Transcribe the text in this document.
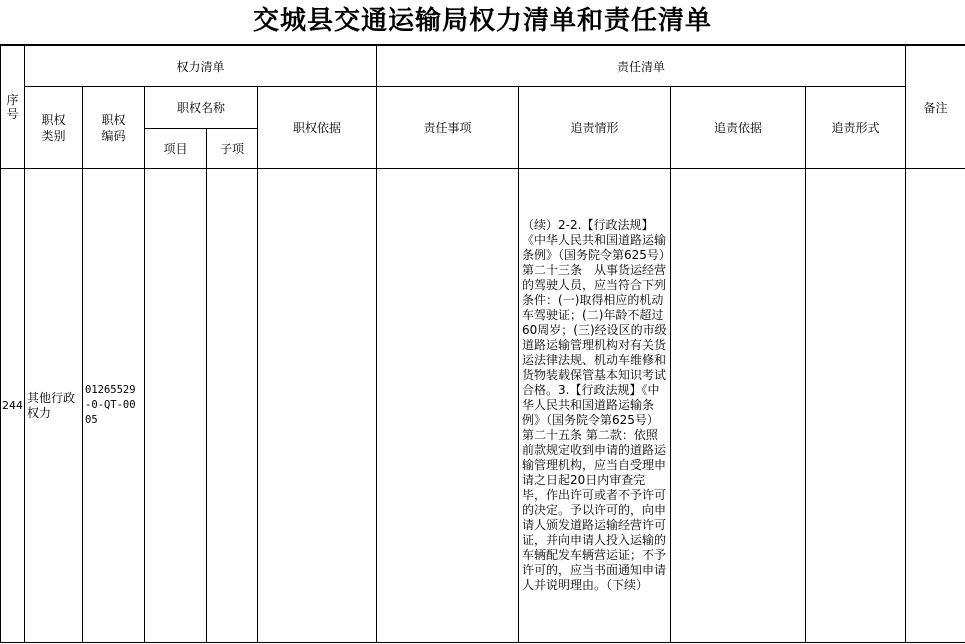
交城县交通运输局权力清单和责任清单
序号	权力清单					责任清单				备注
	职权类别	职权编码	职权名称		职权依据	责任事项	追责情形	追责依据	追责形式	
			项目	子项						

244	其他行政权力	01265529-0-QT-0005					（续）2-2.【行政法规】《中华人民共和国道路运输条例》（国务院令第625号）第二十三条　从事货运经营的驾驶人员，应当符合下列条件：(一)取得相应的机动车驾驶证；(二)年龄不超过60周岁；(三)经设区的市级道路运输管理机构对有关货运法律法规、机动车维修和货物装载保管基本知识考试合格。3.【行政法规】《中华人民共和国道路运输条例》（国务院令第625号）第二十五条 第二款：依照前款规定收到申请的道路运输管理机构，应当自受理申请之日起20日内审查完毕，作出许可或者不予许可的决定。予以许可的，向申请人颁发道路运输经营许可证，并向申请人投入运输的车辆配发车辆营运证；不予许可的，应当书面通知申请人并说明理由。（下续）			
